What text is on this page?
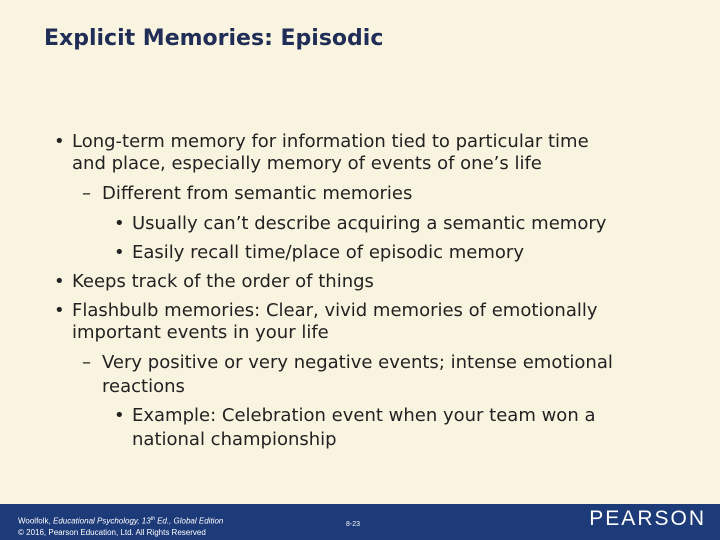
Explicit Memories: Episodic
• Long-term memory for information tied to particular time
and place, especially memory of events of one’s life
– Different from semantic memories
• Usually can’t describe acquiring a semantic memory
• Easily recall time/place of episodic memory
• Keeps track of the order of things
• Flashbulb memories: Clear, vivid memories of emotionally
important events in your life
– Very positive or very negative events; intense emotional
reactions
• Example: Celebration event when your team won a
national championship
Woolfolk, Educational Psychology, 13th Ed., Global Edition
© 2016, Pearson Education, Ltd. All Rights Reserved
8-23	PEARSON
